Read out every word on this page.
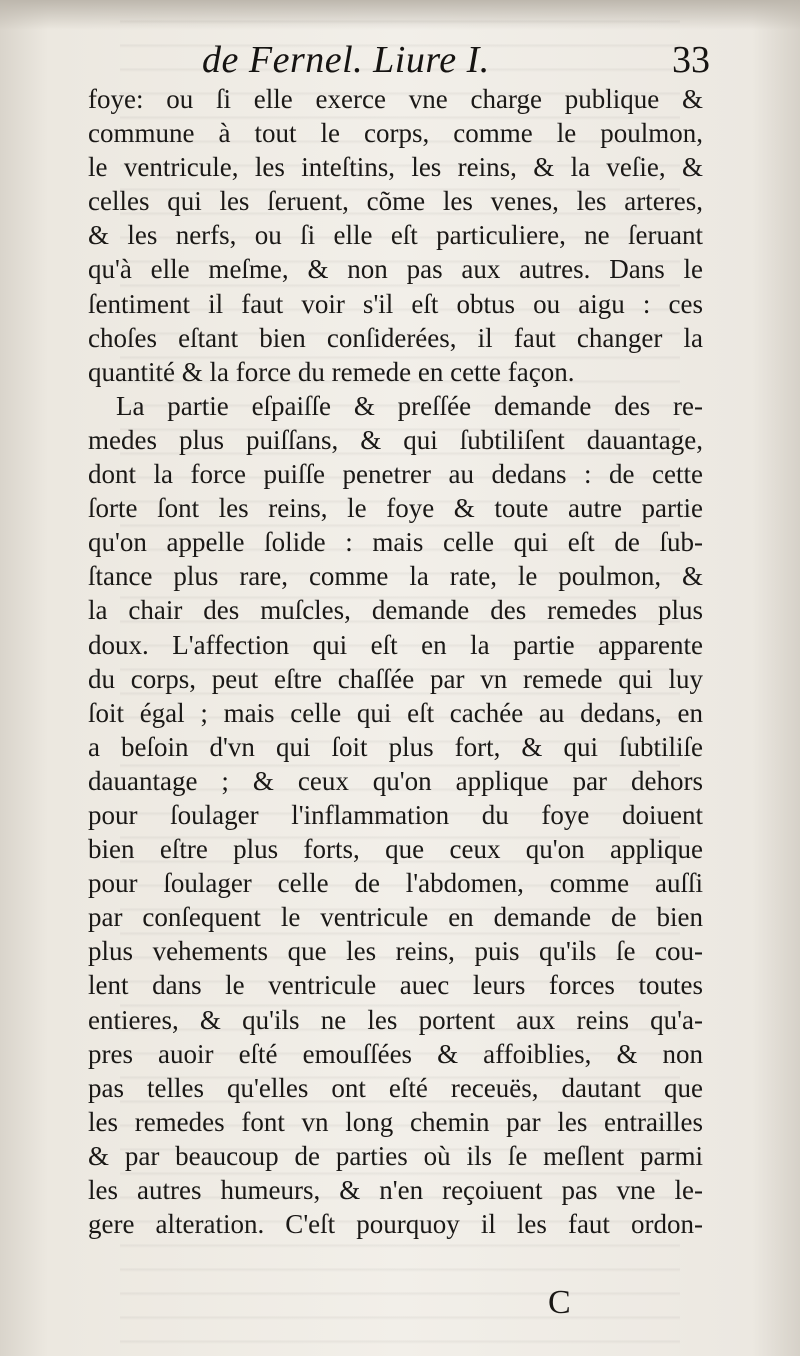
de Fernel. Liure I.	33
foye: ou ſi elle exerce vne charge publique &
commune à tout le corps, comme le poulmon,
le ventricule, les inteſtins, les reins, & la veſie, &
celles qui les ſeruent, cõme les venes, les arteres,
& les nerfs, ou ſi elle eſt particuliere, ne ſeruant
qu'à elle meſme, & non pas aux autres. Dans le
ſentiment il faut voir s'il eſt obtus ou aigu : ces
choſes eſtant bien conſiderées, il faut changer la
quantité & la force du remede en cette façon.
La partie eſpaiſſe & preſſée demande des re-
medes plus puiſſans, & qui ſubtiliſent dauantage,
dont la force puiſſe penetrer au dedans : de cette
ſorte ſont les reins, le foye & toute autre partie
qu'on appelle ſolide : mais celle qui eſt de ſub-
ſtance plus rare, comme la rate, le poulmon, &
la chair des muſcles, demande des remedes plus
doux. L'affection qui eſt en la partie apparente
du corps, peut eſtre chaſſée par vn remede qui luy
ſoit égal ; mais celle qui eſt cachée au dedans, en
a beſoin d'vn qui ſoit plus fort, & qui ſubtiliſe
dauantage ; & ceux qu'on applique par dehors
pour ſoulager l'inflammation du foye doiuent
bien eſtre plus forts, que ceux qu'on applique
pour ſoulager celle de l'abdomen, comme auſſi
par conſequent le ventricule en demande de bien
plus vehements que les reins, puis qu'ils ſe cou-
lent dans le ventricule auec leurs forces toutes
entieres, & qu'ils ne les portent aux reins qu'a-
pres auoir eſté emouſſées & affoiblies, & non
pas telles qu'elles ont eſté receuës, dautant que
les remedes font vn long chemin par les entrailles
& par beaucoup de parties où ils ſe meſlent parmi
les autres humeurs, & n'en reçoiuent pas vne le-
gere alteration. C'eſt pourquoy il les faut ordon-
C
